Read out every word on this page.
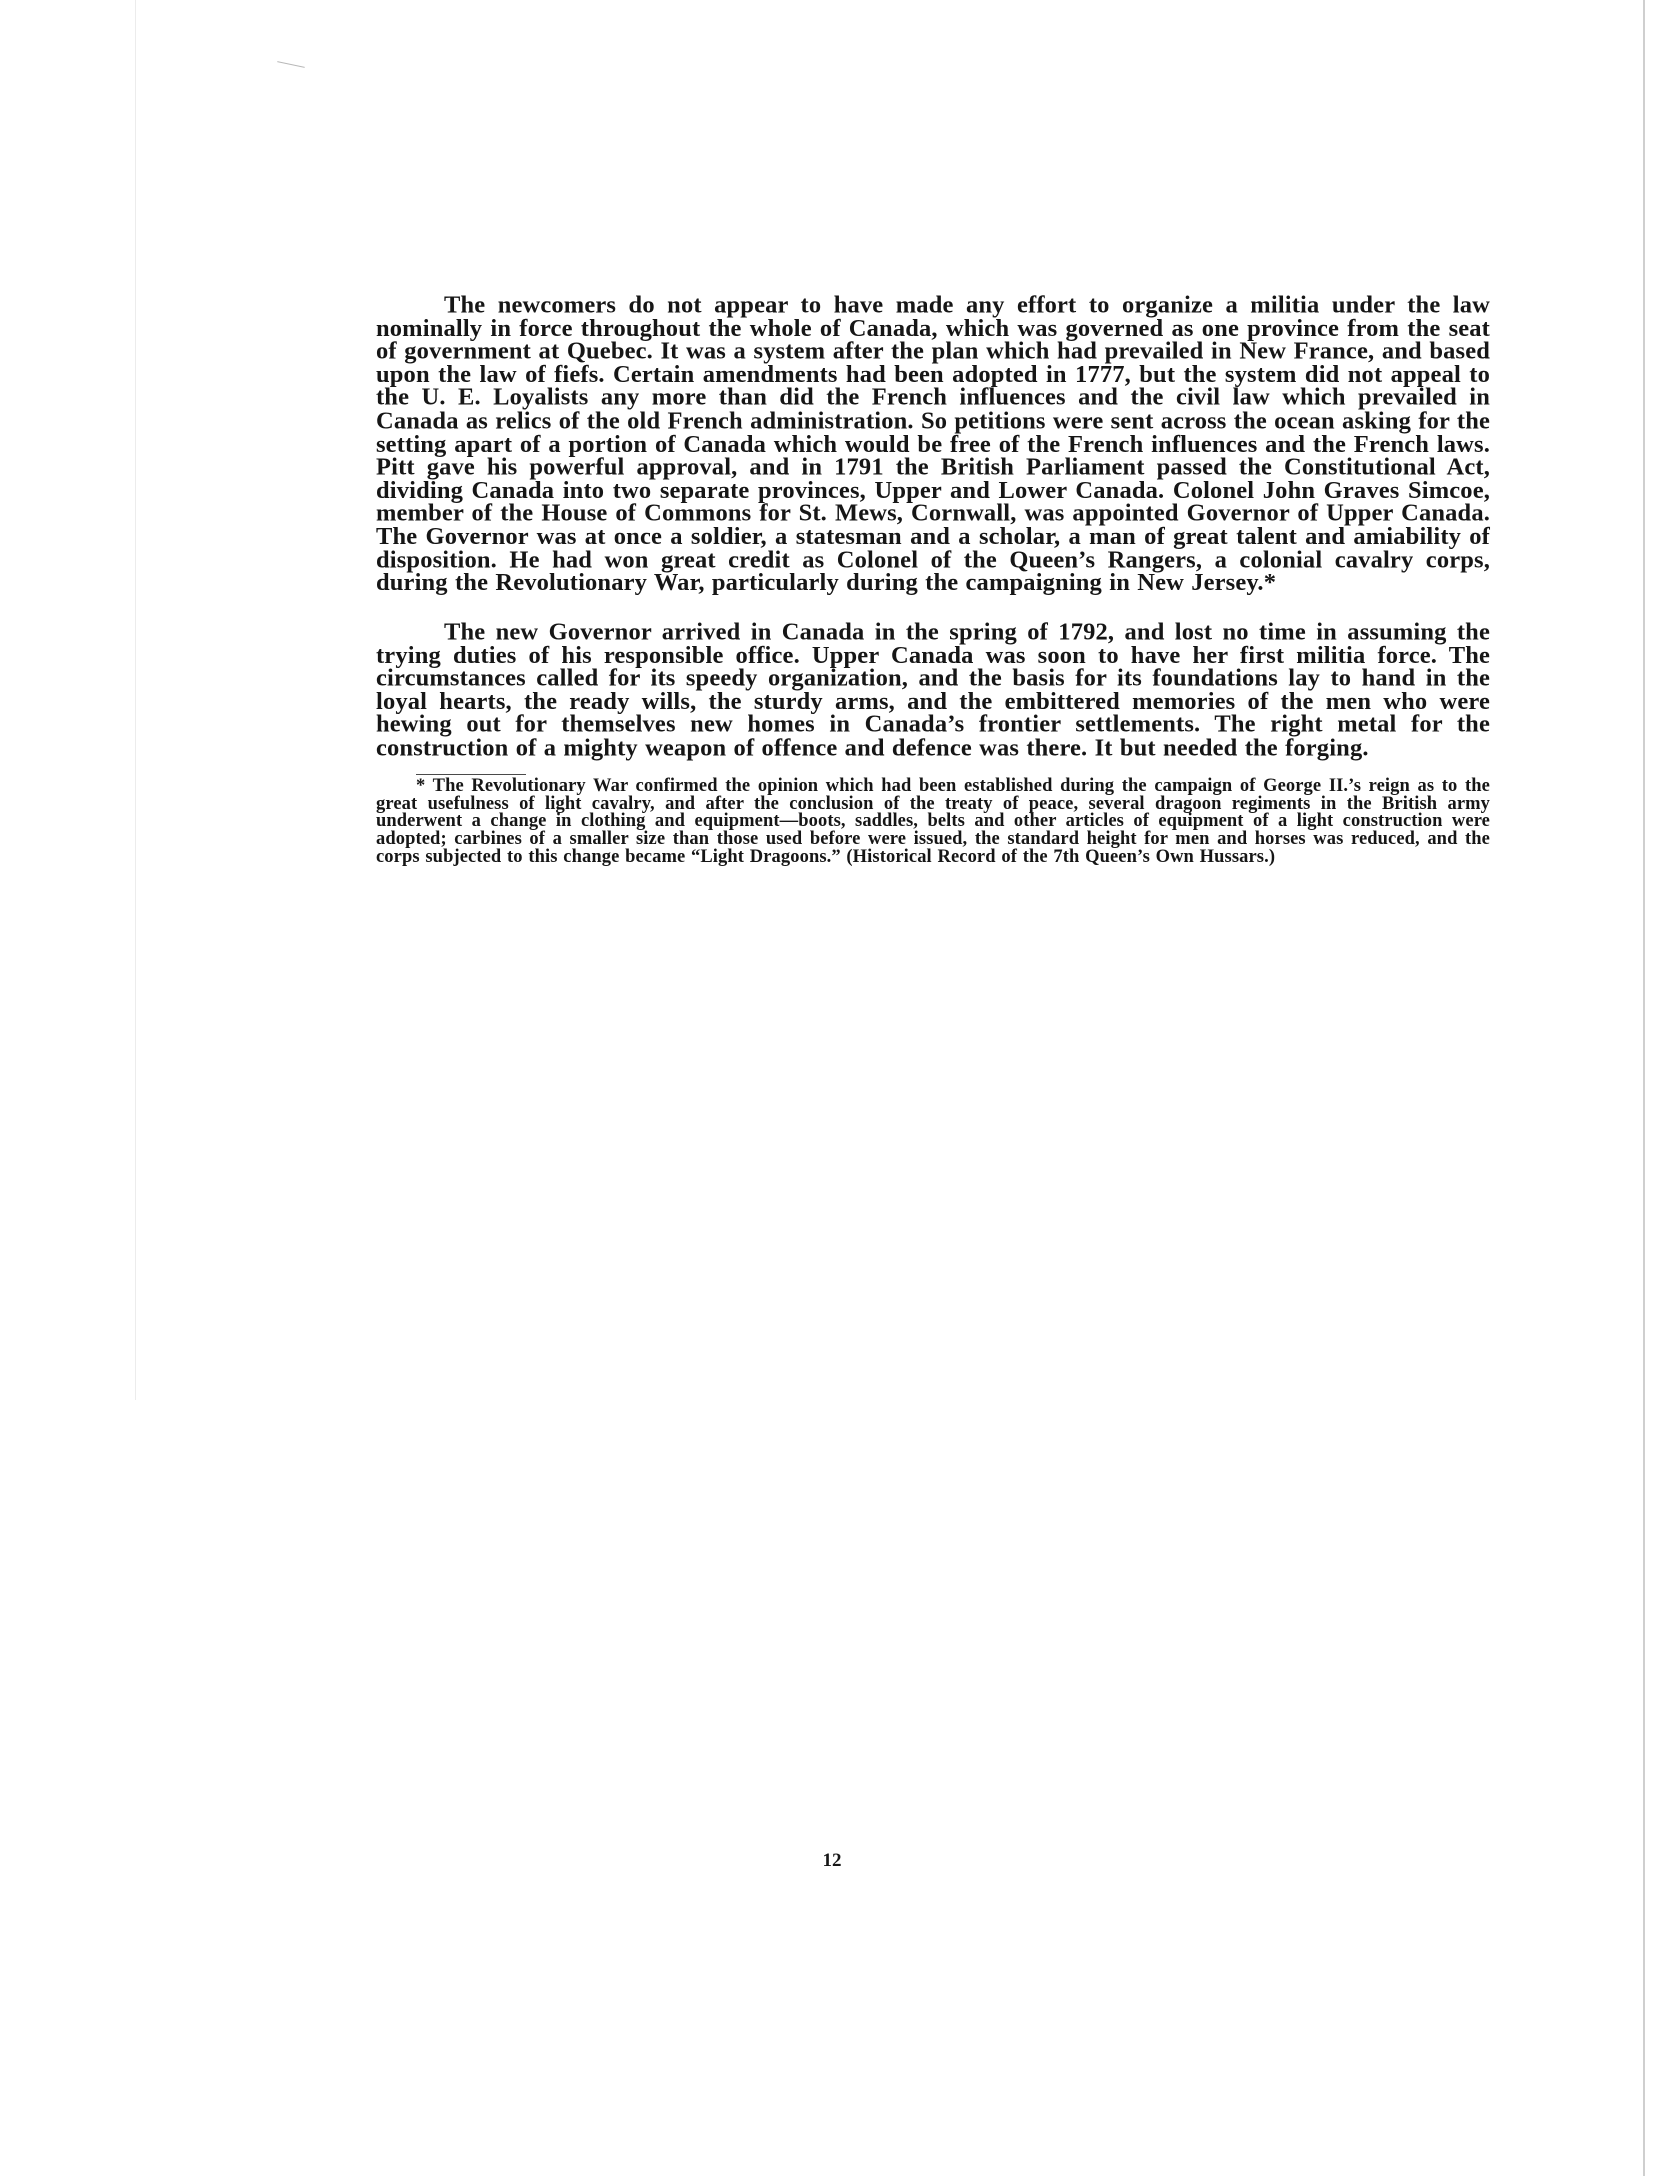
The newcomers do not appear to have made any effort to organize a militia under the law nominally in force throughout the whole of Canada, which was governed as one province from the seat of government at Quebec. It was a system after the plan which had prevailed in New France, and based upon the law of fiefs. Certain amendments had been adopted in 1777, but the system did not appeal to the U. E. Loyalists any more than did the French influences and the civil law which prevailed in Canada as relics of the old French administration. So petitions were sent across the ocean asking for the setting apart of a portion of Canada which would be free of the French influences and the French laws. Pitt gave his powerful approval, and in 1791 the British Parliament passed the Constitutional Act, dividing Canada into two separate provinces, Upper and Lower Canada. Colonel John Graves Simcoe, member of the House of Commons for St. Mews, Cornwall, was appointed Governor of Upper Canada. The Governor was at once a soldier, a statesman and a scholar, a man of great talent and amiability of disposition. He had won great credit as Colonel of the Queen’s Rangers, a colonial cavalry corps, during the Revolutionary War, particularly during the campaigning in New Jersey.*

The new Governor arrived in Canada in the spring of 1792, and lost no time in assuming the trying duties of his responsible office. Upper Canada was soon to have her first militia force. The circumstances called for its speedy organization, and the basis for its foundations lay to hand in the loyal hearts, the ready wills, the sturdy arms, and the embittered memories of the men who were hewing out for themselves new homes in Canada’s frontier settlements. The right metal for the construction of a mighty weapon of offence and defence was there. It but needed the forging.

* The Revolutionary War confirmed the opinion which had been established during the campaign of George II.’s reign as to the great usefulness of light cavalry, and after the conclusion of the treaty of peace, several dragoon regiments in the British army underwent a change in clothing and equipment—boots, saddles, belts and other articles of equipment of a light construction were adopted; carbines of a smaller size than those used before were issued, the standard height for men and horses was reduced, and the corps subjected to this change became “Light Dragoons.” (Historical Record of the 7th Queen’s Own Hussars.)

12
